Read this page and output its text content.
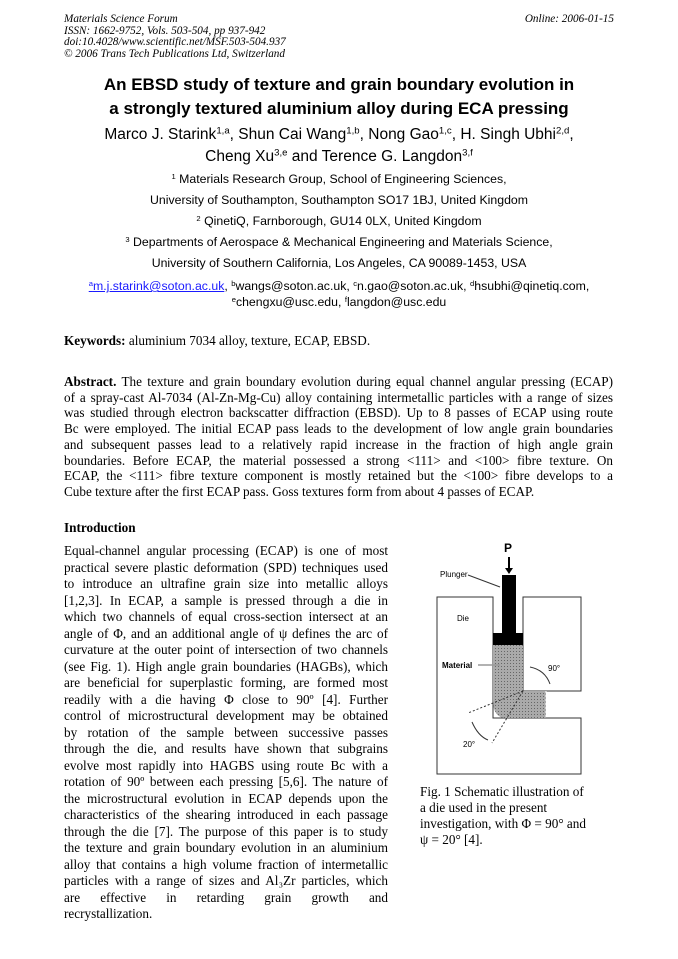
Materials Science Forum
ISSN: 1662-9752, Vols. 503-504, pp 937-942
doi:10.4028/www.scientific.net/MSF.503-504.937
© 2006 Trans Tech Publications Ltd, Switzerland
Online: 2006-01-15
An EBSD study of texture and grain boundary evolution in
a strongly textured aluminium alloy during ECA pressing
Marco J. Starink$^{1,a}$, Shun Cai Wang$^{1,b}$, Nong Gao$^{1,c}$, H. Singh Ubhi$^{2,d}$,
Cheng Xu$^{3,e}$ and Terence G. Langdon$^{3,f}$
$^1$ Materials Research Group, School of Engineering Sciences,
University of Southampton, Southampton SO17 1BJ, United Kingdom
$^2$ QinetiQ, Farnborough, GU14 0LX, United Kingdom
$^3$ Departments of Aerospace & Mechanical Engineering and Materials Science,
University of Southern California, Los Angeles, CA 90089-1453, USA
$^a$m.j.starink@soton.ac.uk, $^b$wangs@soton.ac.uk, $^c$n.gao@soton.ac.uk, $^d$hsubhi@qinetiq.com,
$^e$chengxu@usc.edu, $^f$langdon@usc.edu
Keywords: aluminium 7034 alloy, texture, ECAP, EBSD.
Abstract. The texture and grain boundary evolution during equal channel angular pressing (ECAP)
of a spray-cast Al-7034 (Al-Zn-Mg-Cu) alloy containing intermetallic particles with a range of sizes
was studied through electron backscatter diffraction (EBSD). Up to 8 passes of ECAP using route
Bc were employed. The initial ECAP pass leads to the development of low angle grain boundaries
and subsequent passes lead to a relatively rapid increase in the fraction of high angle grain
boundaries. Before ECAP, the material possessed a strong <111> and <100> fibre texture. On
ECAP, the <111> fibre texture component is mostly retained but the <100> fibre develops to a
Cube texture after the first ECAP pass. Goss textures form from about 4 passes of ECAP.
Introduction
Equal-channel angular processing (ECAP) is one of most
practical severe plastic deformation (SPD) techniques used
to introduce an ultrafine grain size into metallic alloys
[1,2,3]. In ECAP, a sample is pressed through a die in
which two channels of equal cross-section intersect at an
angle of Φ, and an additional angle of ψ defines the arc of
curvature at the outer point of intersection of two channels
(see Fig. 1). High angle grain boundaries (HAGBs), which
are beneficial for superplastic forming, are formed most
readily with a die having Φ close to 90º [4]. Further
control of microstructural development may be obtained
by rotation of the sample between successive passes
through the die, and results have shown that subgrains
evolve most rapidly into HAGBS using route Bc with a
rotation of 90º between each pressing [5,6]. The nature of
the microstructural evolution in ECAP depends upon the
characteristics of the shearing introduced in each passage
through the die [7]. The purpose of this paper is to study
the texture and grain boundary evolution in an aluminium
alloy that contains a high volume fraction of intermetallic
particles with a range of sizes and Al₃Zr particles, which
are effective in retarding grain growth and
recrystallization.
P
Plunger
Die
Material	90°
20°
Fig. 1 Schematic illustration of
a die used in the present
investigation, with Φ = 90° and
ψ = 20° [4].
